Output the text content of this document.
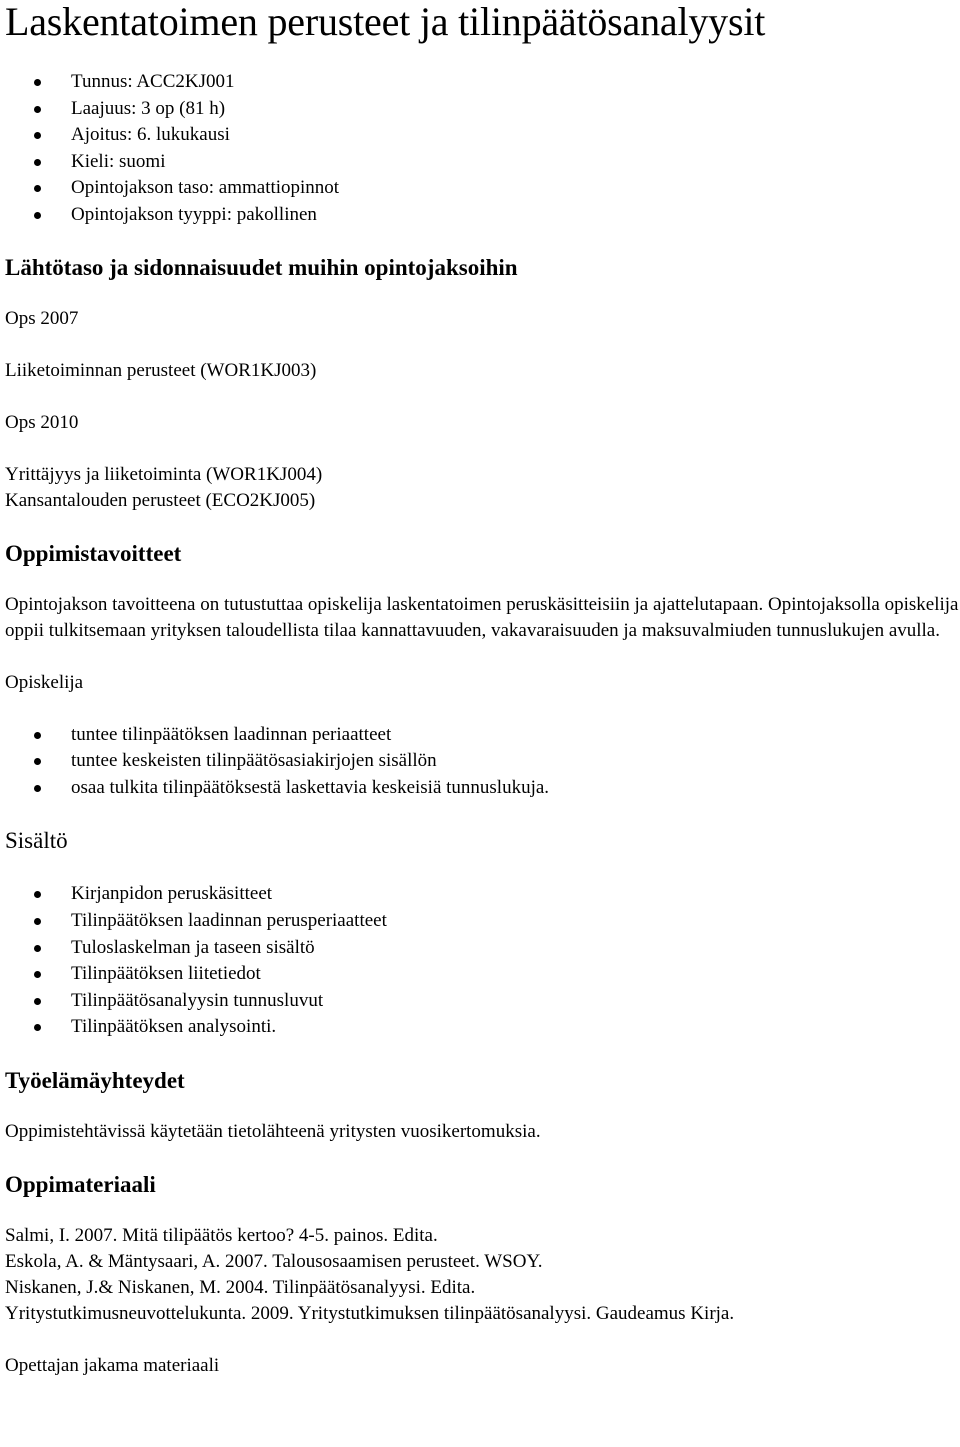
Laskentatoimen perusteet ja tilinpäätösanalyysit
Tunnus: ACC2KJ001
Laajuus: 3 op (81 h)
Ajoitus: 6. lukukausi
Kieli: suomi
Opintojakson taso: ammattiopinnot
Opintojakson tyyppi: pakollinen
Lähtötaso ja sidonnaisuudet muihin opintojaksoihin

Ops 2007

Liiketoiminnan perusteet (WOR1KJ003)

Ops 2010

Yrittäjyys ja liiketoiminta (WOR1KJ004)

Kansantalouden perusteet (ECO2KJ005)

Oppimistavoitteet

Opintojakson tavoitteena on tutustuttaa opiskelija laskentatoimen peruskäsitteisiin ja ajattelutapaan. Opintojaksolla opiskelija oppii tulkitsemaan yrityksen taloudellista tilaa kannattavuuden, vakavaraisuuden ja maksuvalmiuden tunnuslukujen avulla.

Opiskelija

tuntee tilinpäätöksen laadinnan periaatteet
tuntee keskeisten tilinpäätösasiakirjojen sisällön
osaa tulkita tilinpäätöksestä laskettavia keskeisiä tunnuslukuja.
Sisältö
Kirjanpidon peruskäsitteet
Tilinpäätöksen laadinnan perusperiaatteet
Tuloslaskelman ja taseen sisältö
Tilinpäätöksen liitetiedot
Tilinpäätösanalyysin tunnusluvut
Tilinpäätöksen analysointi.
Työelämäyhteydet

Oppimistehtävissä käytetään tietolähteenä yritysten vuosikertomuksia.

Oppimateriaali

Salmi, I. 2007. Mitä tilipäätös kertoo? 4-5. painos. Edita.

Eskola, A. & Mäntysaari, A. 2007. Talousosaamisen perusteet. WSOY.

Niskanen, J.& Niskanen, M. 2004. Tilinpäätösanalyysi. Edita.

Yritystutkimusneuvottelukunta. 2009. Yritystutkimuksen tilinpäätösanalyysi. Gaudeamus Kirja.

Opettajan jakama materiaali
